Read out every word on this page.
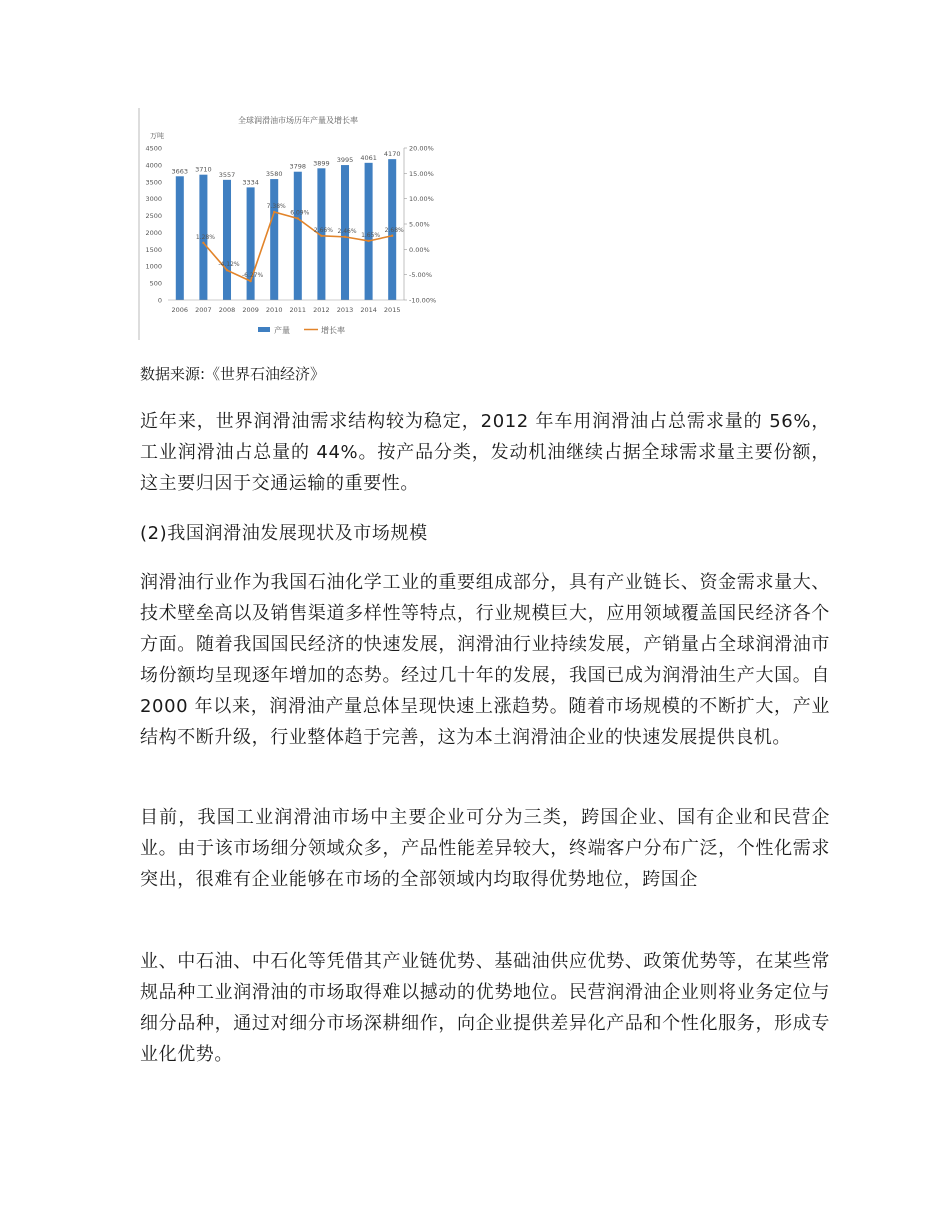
全球润滑油市场历年产量及增长率
万吨
0
500
1000
1500
2000
2500
3000
3500
4000
4500
-10.00%
-5.00%
0.00%
5.00%
10.00%
15.00%
20.00%
3663 3710
3557
3334
3580
3798 3899 3995 4061 4170
1.28%
-4.12%
-6.27%
7.38%
6.09%
2.66% 2.46%
1.65%
2.68%
2006 2007 2008 2009 2010 2011 2012 2013 2014 2015
产量	增长率
数据来源:《世界石油经济》

近年来，世界润滑油需求结构较为稳定，2012 年车用润滑油占总需求量的 56%，工业润滑油占总量的 44%。按产品分类，发动机油继续占据全球需求量主要份额，这主要归因于交通运输的重要性。

(2)我国润滑油发展现状及市场规模

润滑油行业作为我国石油化学工业的重要组成部分，具有产业链长、资金需求量大、技术壁垒高以及销售渠道多样性等特点，行业规模巨大，应用领域覆盖国民经济各个方面。随着我国国民经济的快速发展，润滑油行业持续发展，产销量占全球润滑油市场份额均呈现逐年增加的态势。经过几十年的发展，我国已成为润滑油生产大国。自 2000 年以来，润滑油产量总体呈现快速上涨趋势。随着市场规模的不断扩大，产业结构不断升级，行业整体趋于完善，这为本土润滑油企业的快速发展提供良机。

目前，我国工业润滑油市场中主要企业可分为三类，跨国企业、国有企业和民营企业。由于该市场细分领域众多，产品性能差异较大，终端客户分布广泛，个性化需求突出，很难有企业能够在市场的全部领域内均取得优势地位，跨国企

业、中石油、中石化等凭借其产业链优势、基础油供应优势、政策优势等，在某些常规品种工业润滑油的市场取得难以撼动的优势地位。民营润滑油企业则将业务定位与细分品种，通过对细分市场深耕细作，向企业提供差异化产品和个性化服务，形成专业化优势。
